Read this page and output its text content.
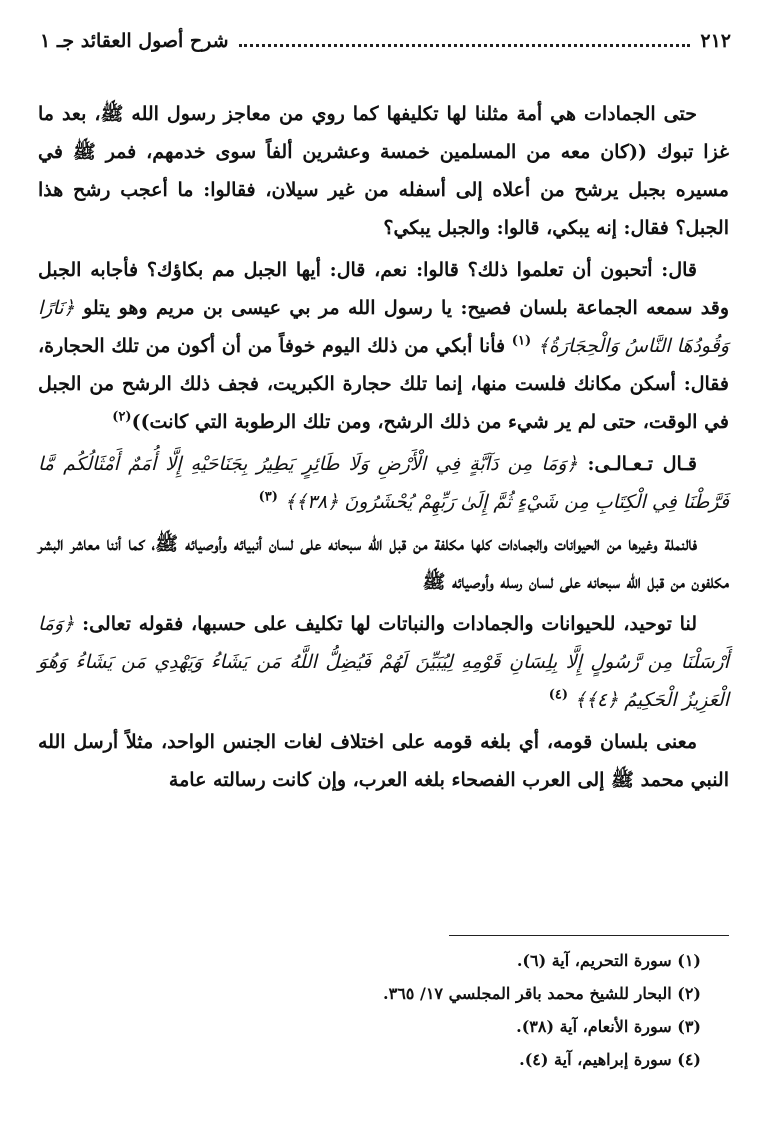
٢١٢
شرح أصول العقائد جـ ١

حتى الجمادات هي أمة مثلنا لها تكليفها كما روي من معاجز رسول الله ﷺ، بعد ما غزا تبوك ((كان معه من المسلمين خمسة وعشرين ألفاً سوى خدمهم، فمر ﷺ في مسيره بجبل يرشح من أعلاه إلى أسفله من غير سيلان، فقالوا: ما أعجب رشح هذا الجبل؟ فقال: إنه يبكي، قالوا: والجبل يبكي؟

قال: أتحبون أن تعلموا ذلك؟ قالوا: نعم، قال: أيها الجبل مم بكاؤك؟ فأجابه الجبل وقد سمعه الجماعة بلسان فصيح: يا رسول الله مر بي عيسى بن مريم وهو يتلو ﴿نَارًا وَقُودُهَا النَّاسُ وَالْحِجَارَةُ﴾ $^{(١)}$ فأنا أبكي من ذلك اليوم خوفاً من أن أكون من تلك الحجارة، فقال: أسكن مكانك فلست منها، إنما تلك حجارة الكبريت، فجف ذلك الرشح من الجبل في الوقت، حتى لم ير شيء من ذلك الرشح، ومن تلك الرطوبة التي كانت))$^{(٢)}$

قـال تـعـالـى: ﴿وَمَا مِن دَآبَّةٍ فِي الْأَرْضِ وَلَا طَائِرٍ يَطِيرُ بِجَنَاحَيْهِ إِلَّا أُمَمٌ أَمْثَالُكُم مَّا فَرَّطْنَا فِي الْكِتَابِ مِن شَيْءٍ ثُمَّ إِلَىٰ رَبِّهِمْ يُحْشَرُونَ ﴿٣٨﴾﴾ $^{(٣)}$

فالنملة وغيرها من الحيوانات والجمادات كلها مكلفة من قبل الله سبحانه على لسان أنبيائه وأوصيائه ﷺ، كما أننا معاشر البشر مكلفون من قبل الله سبحانه على لسان رسله وأوصيائه ﷺ

لنا توحيد، للحيوانات والجمادات والنباتات لها تكليف على حسبها، فقوله تعالى: ﴿وَمَا أَرْسَلْنَا مِن رَّسُولٍ إِلَّا بِلِسَانِ قَوْمِهِ لِيُبَيِّنَ لَهُمْ فَيُضِلُّ اللَّهُ مَن يَشَاءُ وَيَهْدِي مَن يَشَاءُ وَهُوَ الْعَزِيزُ الْحَكِيمُ ﴿٤﴾﴾ $^{(٤)}$

معنى بلسان قومه، أي بلغه قومه على اختلاف لغات الجنس الواحد، مثلاً أرسل الله النبي محمد ﷺ إلى العرب الفصحاء بلغه العرب، وإن كانت رسالته عامة

(١) سورة التحريم، آية (٦).
(٢) البحار للشيخ محمد باقر المجلسي ١٧/ ٣٦٥.
(٣) سورة الأنعام، آية (٣٨).
(٤) سورة إبراهيم، آية (٤).
